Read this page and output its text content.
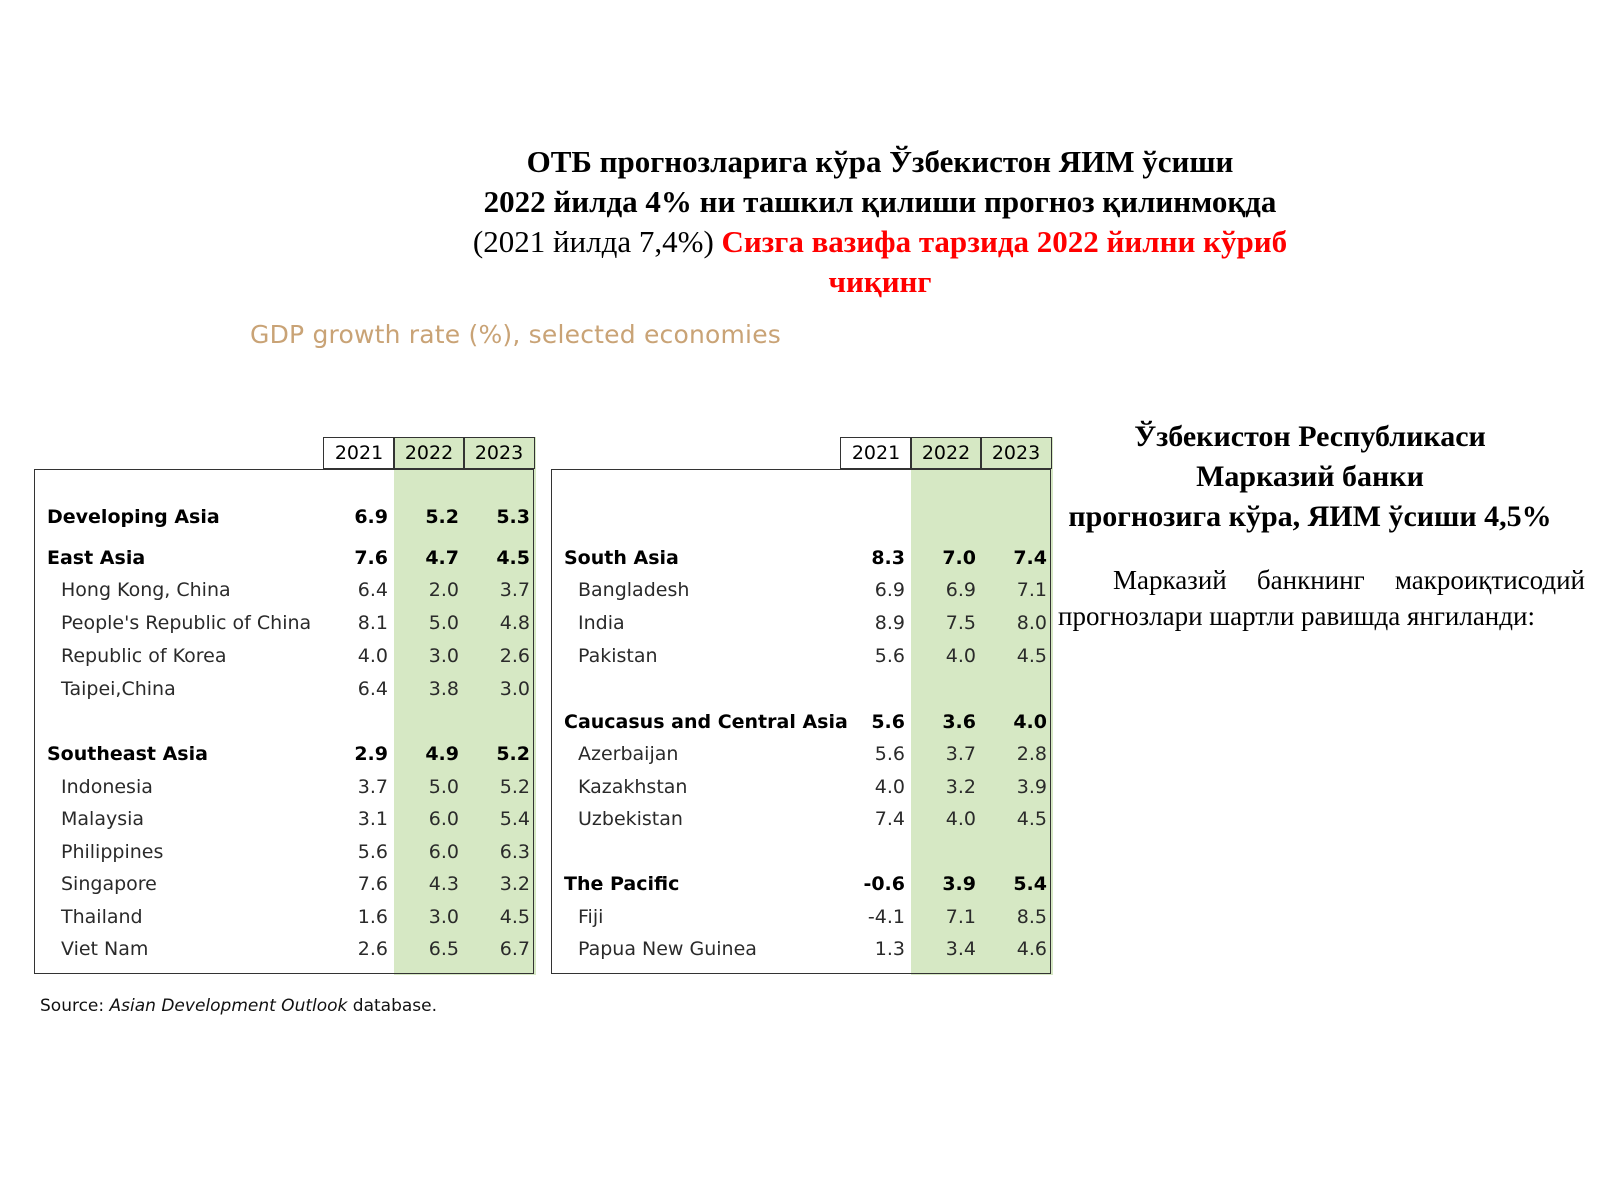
ОТБ прогнозларига кўра Ўзбекистон ЯИМ ўсиши
2022 йилда 4% ни ташкил қилиши прогноз қилинмоқда
(2021 йилда 7,4%) Сизга вазифа тарзида 2022 йилни кўриб
чиқинг
GDP growth rate (%), selected economies
2021	2022	2023
Developing Asia	6.9	5.2	5.3
East Asia	7.6	4.7	4.5
Hong Kong, China	6.4	2.0	3.7
People's Republic of China	8.1	5.0	4.8
Republic of Korea	4.0	3.0	2.6
Taipei,China	6.4	3.8	3.0
Southeast Asia	2.9	4.9	5.2
Indonesia	3.7	5.0	5.2
Malaysia	3.1	6.0	5.4
Philippines	5.6	6.0	6.3
Singapore	7.6	4.3	3.2
Thailand	1.6	3.0	4.5
Viet Nam	2.6	6.5	6.7
2021	2022	2023
South Asia	8.3	7.0	7.4
Bangladesh	6.9	6.9	7.1
India	8.9	7.5	8.0
Pakistan	5.6	4.0	4.5
Caucasus and Central Asia	5.6	3.6	4.0
Azerbaijan	5.6	3.7	2.8
Kazakhstan	4.0	3.2	3.9
Uzbekistan	7.4	4.0	4.5
The Pacific	-0.6	3.9	5.4
Fiji	-4.1	7.1	8.5
Papua New Guinea	1.3	3.4	4.6
Source: Asian Development Outlook database.
Ўзбекистон Республикаси
Марказий банки
прогнозига кўра, ЯИМ ўсиши 4,5%
Марказий банкнинг макроиқтисодий прогнозлари шартли равишда янгиланди:
